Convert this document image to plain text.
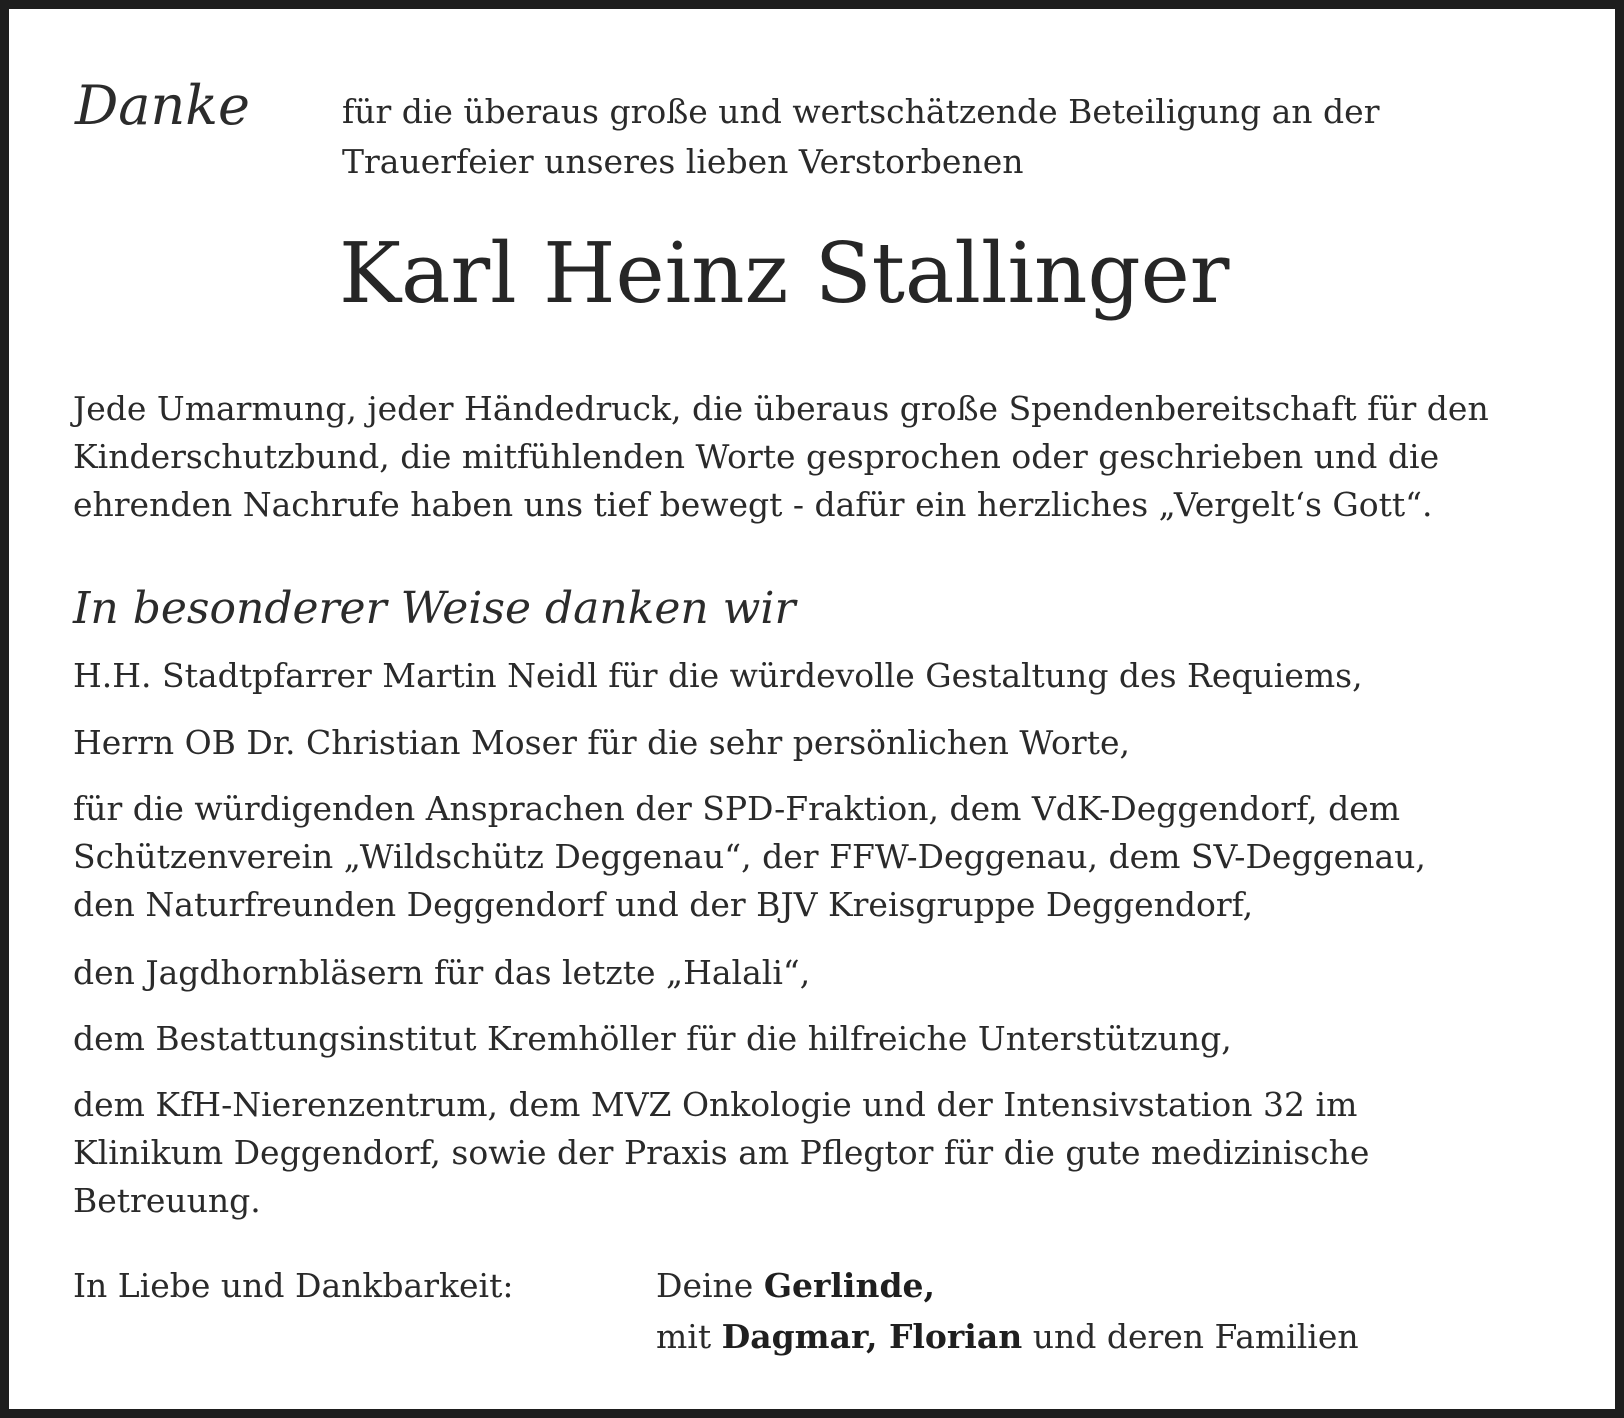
Danke	für die überaus große und wertschätzende Beteiligung an der
Trauerfeier unseres lieben Verstorbenen
Karl Heinz Stallinger
Jede Umarmung, jeder Händedruck, die überaus große Spendenbereitschaft für den
Kinderschutzbund, die mitfühlenden Worte gesprochen oder geschrieben und die
ehrenden Nachrufe haben uns tief bewegt - dafür ein herzliches „Vergelt‘s Gott“.
In besonderer Weise danken wir
H.H. Stadtpfarrer Martin Neidl für die würdevolle Gestaltung des Requiems,
Herrn OB Dr. Christian Moser für die sehr persönlichen Worte,
für die würdigenden Ansprachen der SPD-Fraktion, dem VdK-Deggendorf, dem
Schützenverein „Wildschütz Deggenau“, der FFW-Deggenau, dem SV-Deggenau,
den Naturfreunden Deggendorf und der BJV Kreisgruppe Deggendorf,
den Jagdhornbläsern für das letzte „Halali“,
dem Bestattungsinstitut Kremhöller für die hilfreiche Unterstützung,
dem KfH-Nierenzentrum, dem MVZ Onkologie und der Intensivstation 32 im
Klinikum Deggendorf, sowie der Praxis am Pflegtor für die gute medizinische
Betreuung.
In Liebe und Dankbarkeit:	Deine Gerlinde,
mit Dagmar, Florian und deren Familien
